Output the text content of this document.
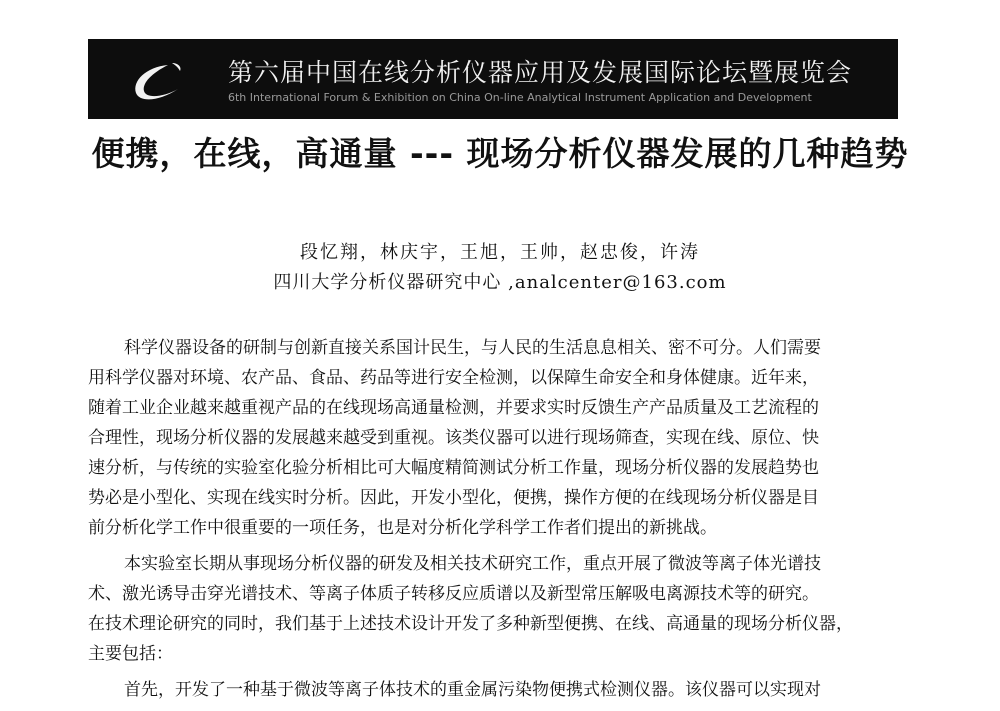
第六届中国在线分析仪器应用及发展国际论坛暨展览会
6th International Forum & Exhibition on China On-line Analytical Instrument Application and Development
便携，在线，高通量 --- 现场分析仪器发展的几种趋势
段忆翔，林庆宇，王旭，王帅，赵忠俊，许涛
四川大学分析仪器研究中心 ,analcenter@163.com
科学仪器设备的研制与创新直接关系国计民生，与人民的生活息息相关、密不可分。人们需要
用科学仪器对环境、农产品、食品、药品等进行安全检测，以保障生命安全和身体健康。近年来，
随着工业企业越来越重视产品的在线现场高通量检测，并要求实时反馈生产产品质量及工艺流程的
合理性，现场分析仪器的发展越来越受到重视。该类仪器可以进行现场筛查，实现在线、原位、快
速分析，与传统的实验室化验分析相比可大幅度精简测试分析工作量，现场分析仪器的发展趋势也
势必是小型化、实现在线实时分析。因此，开发小型化，便携，操作方便的在线现场分析仪器是目
前分析化学工作中很重要的一项任务，也是对分析化学科学工作者们提出的新挑战。
本实验室长期从事现场分析仪器的研发及相关技术研究工作，重点开展了微波等离子体光谱技
术、激光诱导击穿光谱技术、等离子体质子转移反应质谱以及新型常压解吸电离源技术等的研究。
在技术理论研究的同时，我们基于上述技术设计开发了多种新型便携、在线、高通量的现场分析仪器，
主要包括：
首先，开发了一种基于微波等离子体技术的重金属污染物便携式检测仪器。该仪器可以实现对
